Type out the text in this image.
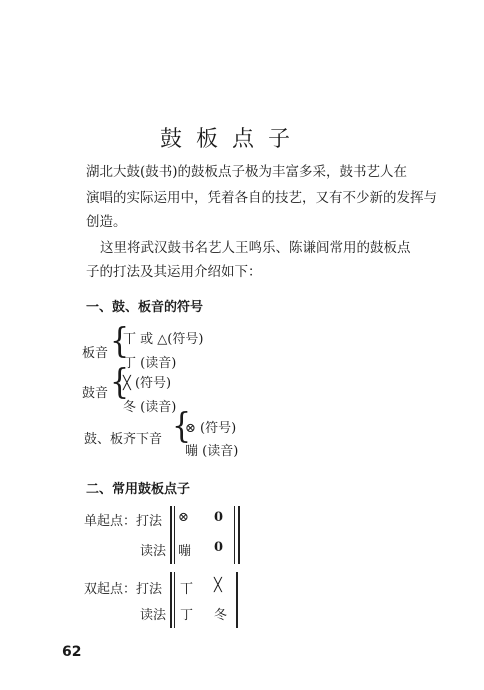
鼓板点子
湖北大鼓(鼓书)的鼓板点子极为丰富多采，鼓书艺人在
演唱的实际运用中，凭着各自的技艺，又有不少新的发挥与
创造。
这里将武汉鼓书名艺人王鸣乐、陈谦闾常用的鼓板点
子的打法及其运用介绍如下：
一、鼓、板音的符号
板音 {
丅 或 △(符号)
丁 (读音)
鼓音 {
╳ (符号)
冬 (读音)
鼓、板齐下音 {
⊗ (符号)
嘣 (读音)
二、常用鼓板点子
单起点：打法
读法
⊗ 0
嘣 0
双起点：打法
读法
丅 ╳
丁 冬
62
